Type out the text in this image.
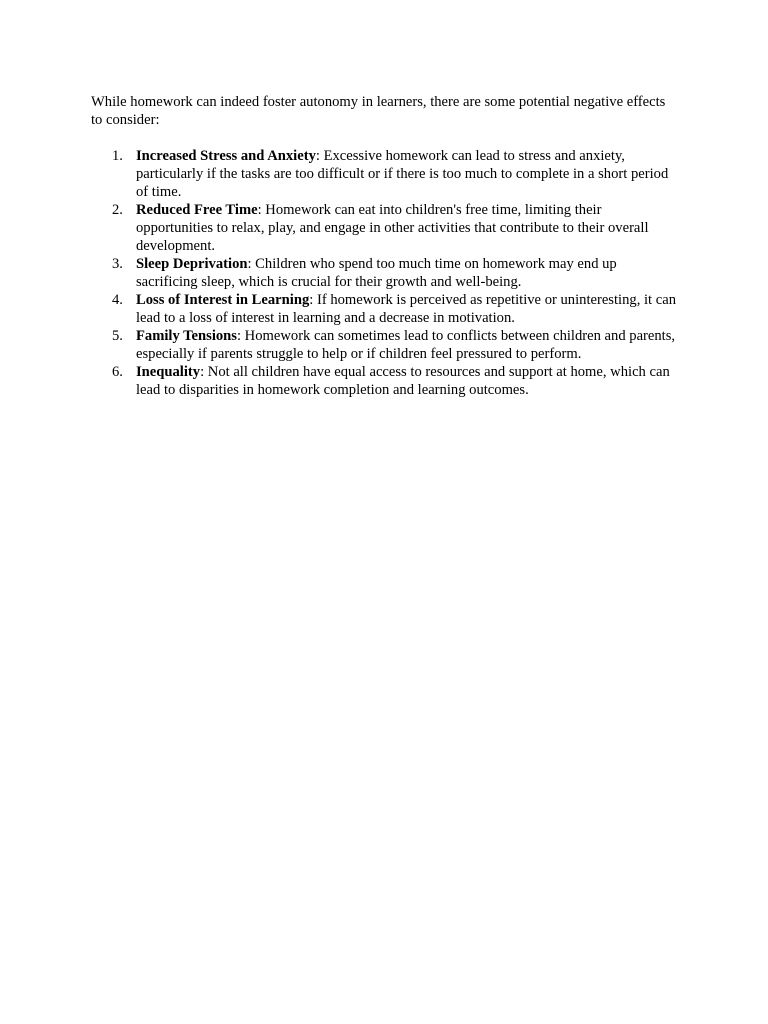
While homework can indeed foster autonomy in learners, there are some potential negative effects to consider:

1. Increased Stress and Anxiety: Excessive homework can lead to stress and anxiety, particularly if the tasks are too difficult or if there is too much to complete in a short period of time.
2. Reduced Free Time: Homework can eat into children's free time, limiting their opportunities to relax, play, and engage in other activities that contribute to their overall development.
3. Sleep Deprivation: Children who spend too much time on homework may end up sacrificing sleep, which is crucial for their growth and well-being.
4. Loss of Interest in Learning: If homework is perceived as repetitive or uninteresting, it can lead to a loss of interest in learning and a decrease in motivation.
5. Family Tensions: Homework can sometimes lead to conflicts between children and parents, especially if parents struggle to help or if children feel pressured to perform.
6. Inequality: Not all children have equal access to resources and support at home, which can lead to disparities in homework completion and learning outcomes.
